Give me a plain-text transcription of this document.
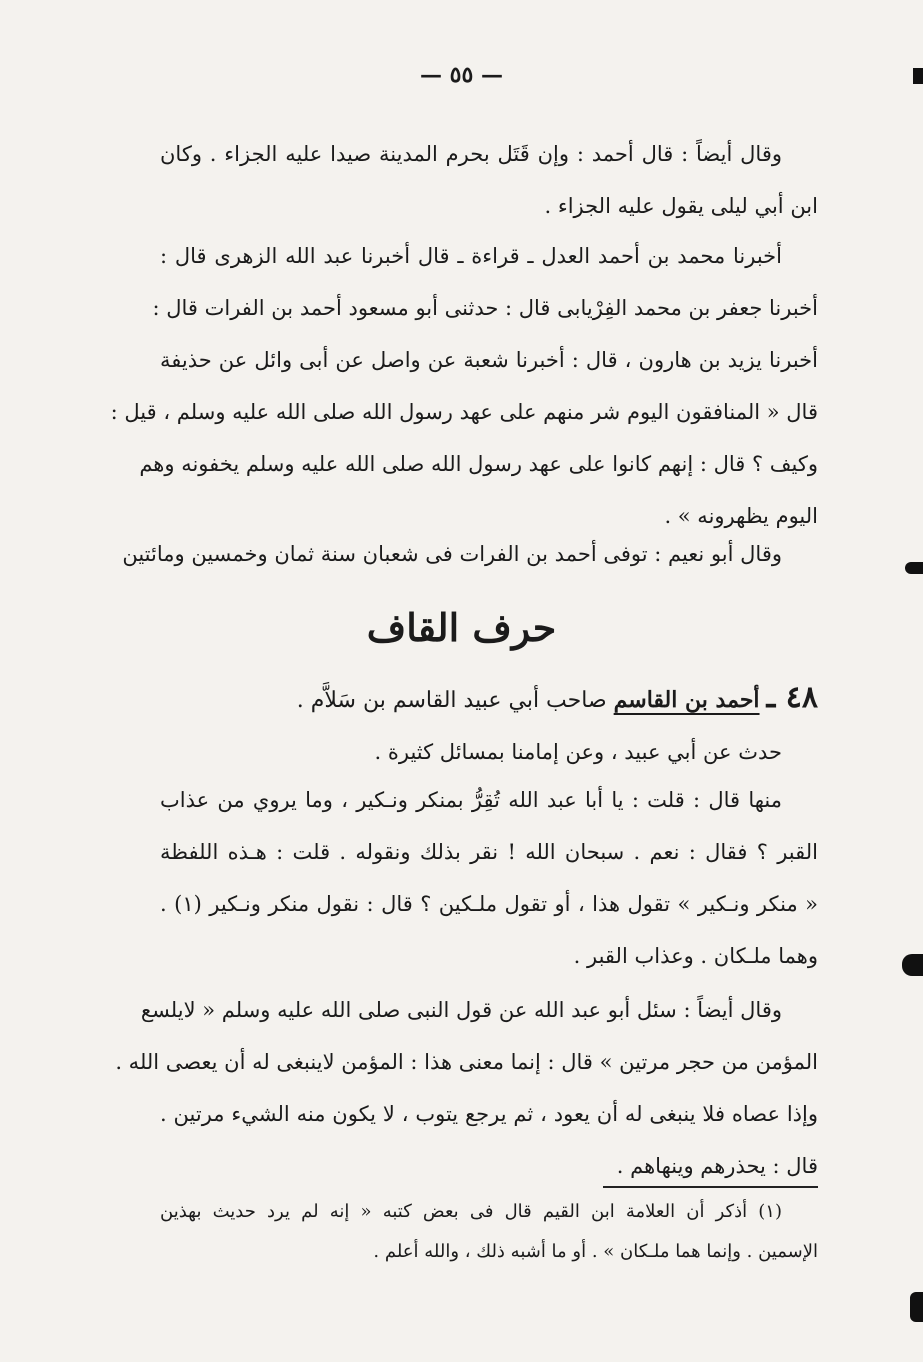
— ٥٥ —
وقال أيضاً : قال أحمد : وإن قَتَل بحرم المدينة صيدا عليه الجزاء . وكان
ابن أبي ليلى يقول عليه الجزاء .
أخبرنا محمد بن أحمد العدل ـ قراءة ـ قال أخبرنا عبد الله الزهرى قال :
أخبرنا جعفر بن محمد الفِرْيابى قال : حدثنى أبو مسعود أحمد بن الفرات قال :
أخبرنا يزيد بن هارون ، قال : أخبرنا شعبة عن واصل عن أبى وائل عن حذيفة
قال « المنافقون اليوم شر منهم على عهد رسول الله صلى الله عليه وسلم ، قيل :
وكيف ؟ قال : إنهم كانوا على عهد رسول الله صلى الله عليه وسلم يخفونه وهم
اليوم يظهرونه » .
وقال أبو نعيم : توفى أحمد بن الفرات فى شعبان سنة ثمان وخمسين ومائتين
حرف القاف
٤٨ ـ أحمد بن القاسم صاحب أبي عبيد القاسم بن سَلاَّم .
حدث عن أبي عبيد ، وعن إمامنا بمسائل كثيرة .
منها قال : قلت : يا أبا عبد الله تُقِرُّ بمنكر ونـكير ، وما يروي من عذاب
القبر ؟ فقال : نعم . سبحان الله ! نقر بذلك ونقوله . قلت : هـذه اللفظة
« منكر ونـكير » تقول هذا ، أو تقول ملـكين ؟ قال : نقول منكر ونـكير (١) .
وهما ملـكان . وعذاب القبر .
وقال أيضاً : سئل أبو عبد الله عن قول النبى صلى الله عليه وسلم « لايلسع
المؤمن من حجر مرتين » قال : إنما معنى هذا : المؤمن لاينبغى له أن يعصى الله .
وإذا عصاه فلا ينبغى له أن يعود ، ثم يرجع يتوب ، لا يكون منه الشيء مرتين .
قال : يحذرهم وينهاهم .
(١) أذكر أن العلامة ابن القيم قال فى بعض كتبه « إنه لم يرد حديث بهذين
الإسمين . وإنما هما ملـكان » . أو ما أشبه ذلك ، والله أعلم .
